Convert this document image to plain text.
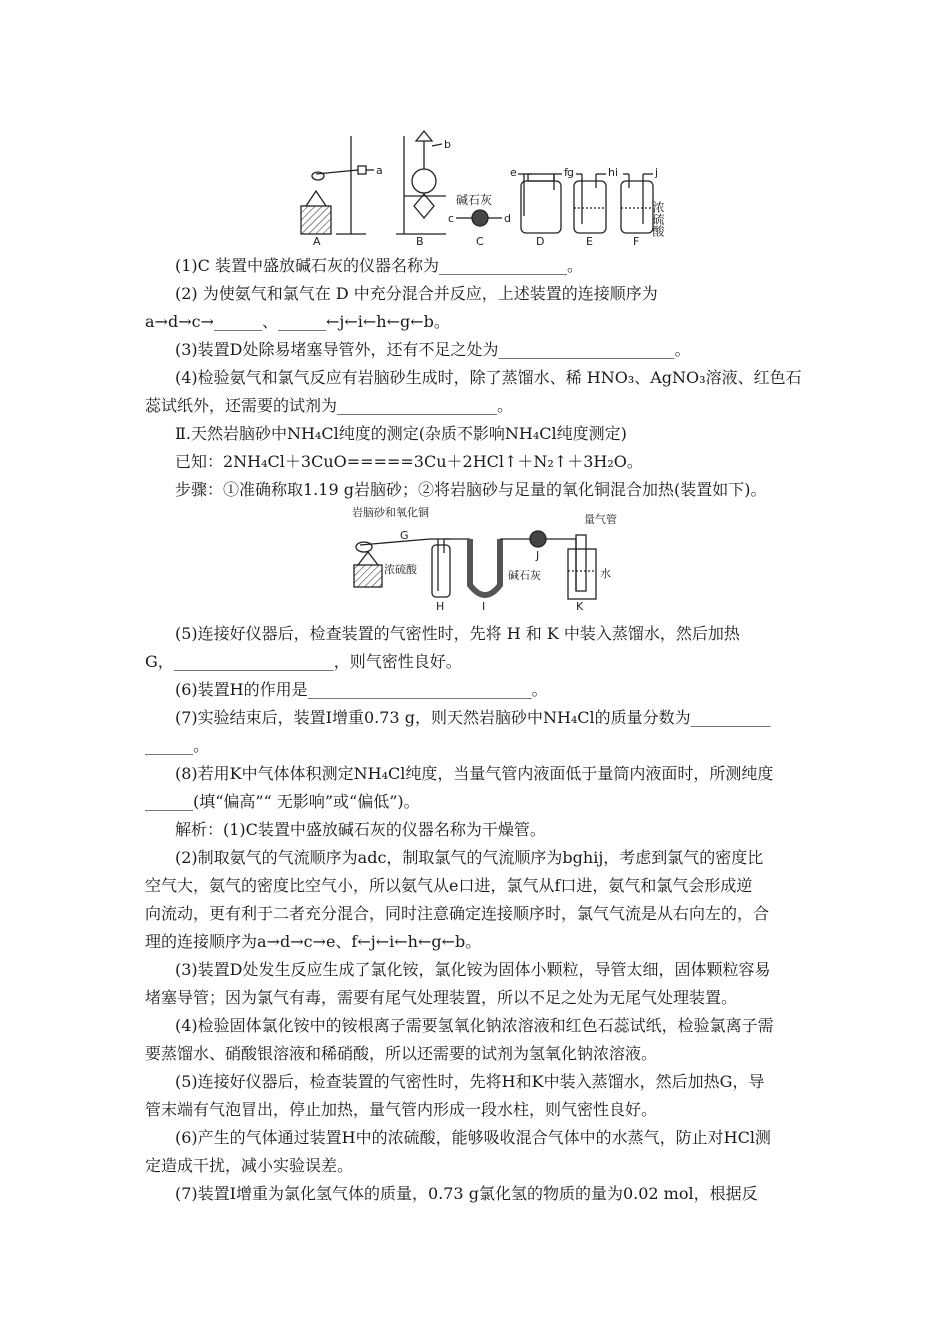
A	B	C	D	E	F
a
b
c	d
e	f g	h i	j
碱石灰
浓硫酸
岩脑砂和氧化铜
G
浓硫酸
H	I
碱石灰
J
量气管
水
K

(1)C 装置中盛放碱石灰的仪器名称为________________。

(2) 为使氨气和氯气在 D 中充分混合并反应，上述装置的连接顺序为

a→d→c→______、______←j←i←h←g←b。

(3)装置D处除易堵塞导管外，还有不足之处为______________________。

(4)检验氨气和氯气反应有岩脑砂生成时，除了蒸馏水、稀 HNO₃、AgNO₃溶液、红色石

蕊试纸外，还需要的试剂为____________________。

Ⅱ.天然岩脑砂中NH₄Cl纯度的测定(杂质不影响NH₄Cl纯度测定)

已知：2NH₄Cl＋3CuO=====3Cu＋2HCl↑＋N₂↑＋3H₂O。

步骤：①准确称取1.19 g岩脑砂；②将岩脑砂与足量的氧化铜混合加热(装置如下)。

(5)连接好仪器后，检查装置的气密性时，先将 H 和 K 中装入蒸馏水，然后加热

G，____________________，则气密性良好。

(6)装置H的作用是____________________________。

(7)实验结束后，装置Ⅰ增重0.73 g，则天然岩脑砂中NH₄Cl的质量分数为__________

______。

(8)若用K中气体体积测定NH₄Cl纯度，当量气管内液面低于量筒内液面时，所测纯度

______(填“偏高”“ 无影响”或“偏低”)。

解析：(1)C装置中盛放碱石灰的仪器名称为干燥管。

(2)制取氨气的气流顺序为adc，制取氯气的气流顺序为bghij，考虑到氯气的密度比

空气大，氨气的密度比空气小，所以氨气从e口进，氯气从f口进，氨气和氯气会形成逆

向流动，更有利于二者充分混合，同时注意确定连接顺序时，氯气气流是从右向左的，合

理的连接顺序为a→d→c→e、f←j←i←h←g←b。

(3)装置D处发生反应生成了氯化铵，氯化铵为固体小颗粒，导管太细，固体颗粒容易

堵塞导管；因为氯气有毒，需要有尾气处理装置，所以不足之处为无尾气处理装置。

(4)检验固体氯化铵中的铵根离子需要氢氧化钠浓溶液和红色石蕊试纸，检验氯离子需

要蒸馏水、硝酸银溶液和稀硝酸，所以还需要的试剂为氢氧化钠浓溶液。

(5)连接好仪器后，检查装置的气密性时，先将H和K中装入蒸馏水，然后加热G，导

管末端有气泡冒出，停止加热，量气管内形成一段水柱，则气密性良好。

(6)产生的气体通过装置H中的浓硫酸，能够吸收混合气体中的水蒸气，防止对HCl测

定造成干扰，减小实验误差。

(7)装置Ⅰ增重为氯化氢气体的质量，0.73 g氯化氢的物质的量为0.02 mol，根据反
